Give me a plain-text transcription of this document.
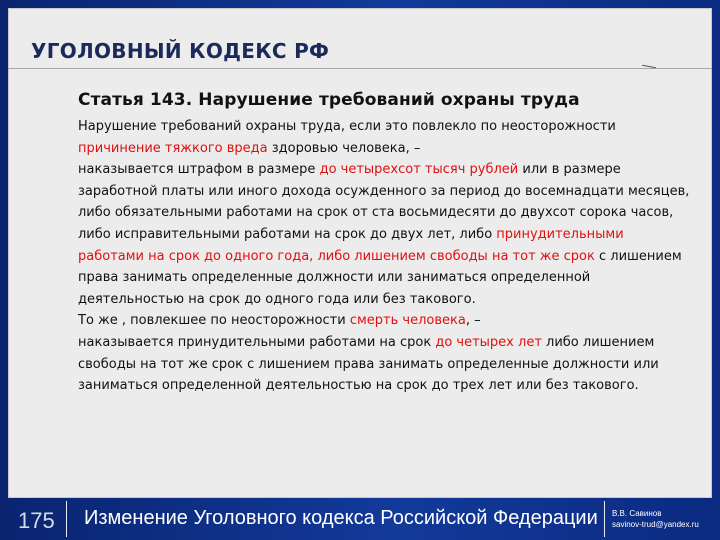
УГОЛОВНЫЙ КОДЕКС РФ
Статья 143. Нарушение требований охраны труда
Нарушение требований охраны труда, если это повлекло по неосторожности причинение тяжкого вреда здоровью человека, –
наказывается штрафом в размере до четырехсот тысяч рублей или в размере заработной платы или иного дохода осужденного за период до восемнадцати месяцев, либо обязательными работами на срок от ста восьмидесяти до двухсот сорока часов, либо исправительными работами на срок до двух лет, либо принудительными работами на срок до одного года, либо лишением свободы на тот же срок с лишением права занимать определенные должности или заниматься определенной деятельностью на срок до одного года или без такового.
То же , повлекшее по неосторожности смерть человека, –
наказывается принудительными работами на срок до четырех лет либо лишением свободы на тот же срок с лишением права занимать определенные должности или заниматься определенной деятельностью на срок до трех лет или без такового.
175 Изменение Уголовного кодекса Российской Федерации В.В. Савинов
savinov-trud@yandex.ru
